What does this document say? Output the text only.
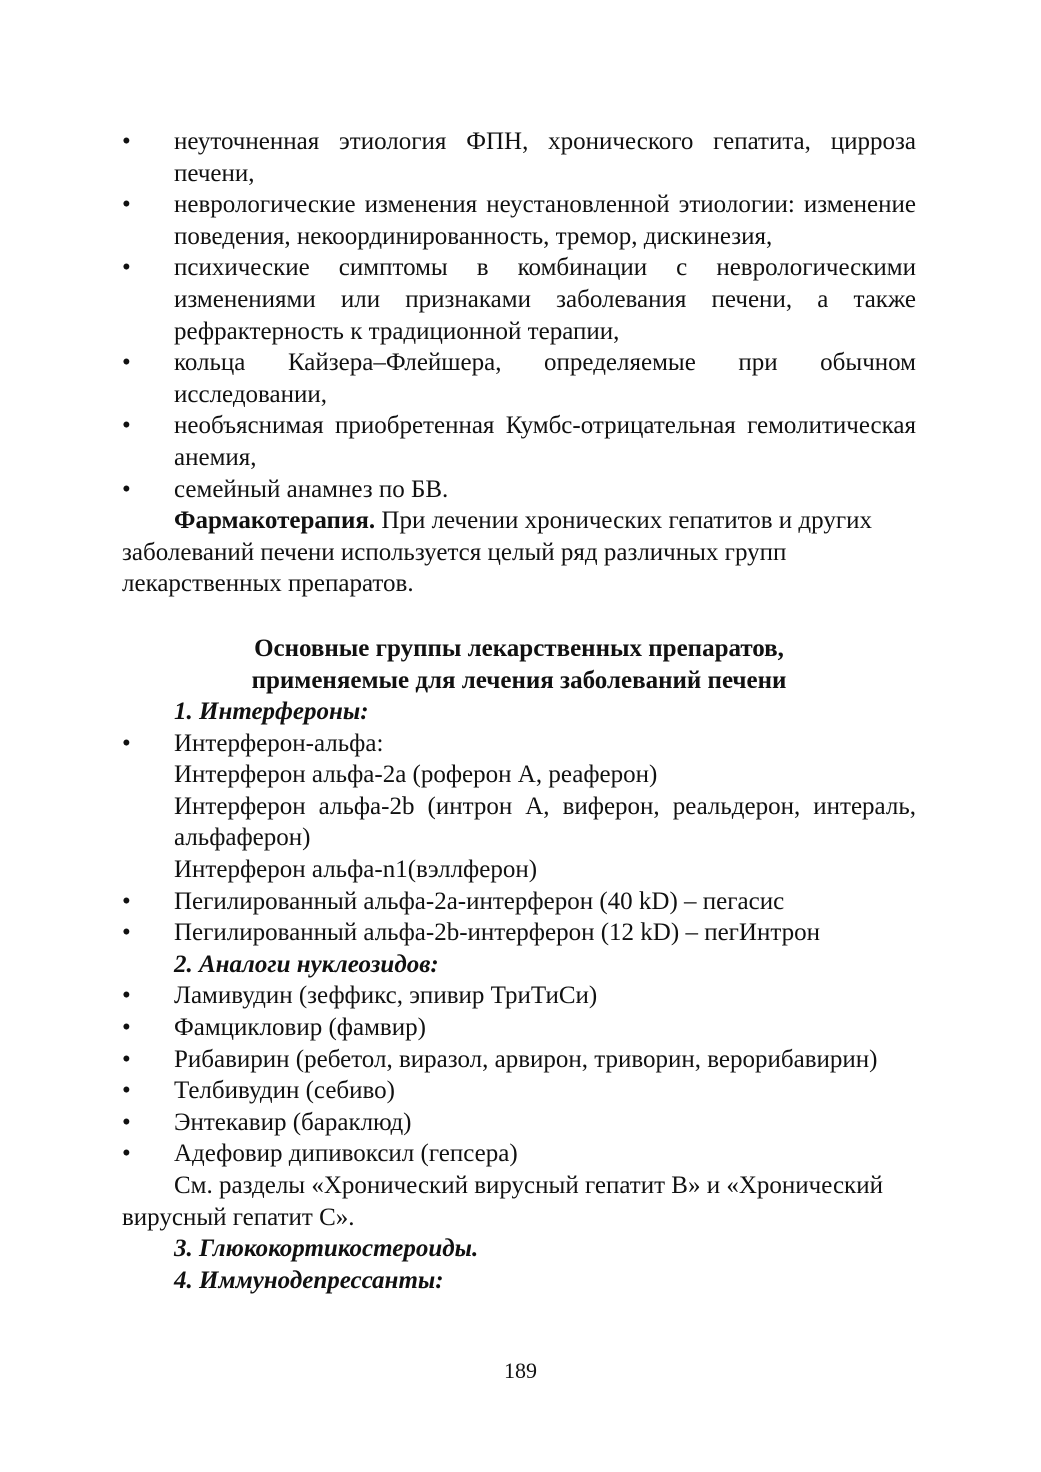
•	неуточненная этиология ФПН, хронического гепатита, цирроза печени,
•	неврологические изменения неустановленной этиологии: изменение поведения, некоординированность, тремор, дискинезия,
•	психические симптомы в комбинации с неврологическими изменениями или признаками заболевания печени, а также рефрактерность к традиционной терапии,
•	кольца Кайзера–Флейшера, определяемые при обычном исследовании,
•	необъяснимая приобретенная Кумбс-отрицательная гемолитическая анемия,
•	семейный анамнез по БВ.
Фармакотерапия. При лечении хронических гепатитов и других заболеваний печени используется целый ряд различных групп лекарственных препаратов.
Основные группы лекарственных препаратов,
применяемые для лечения заболеваний печени
1. Интерфероны:
•	Интерферон-альфа:
Интерферон альфа-2a (роферон А, реаферон)
Интерферон альфа-2b (интрон А, виферон, реальдерон, интераль, альфаферон)
Интерферон альфа-n1(вэллферон)
•	Пегилированный альфа-2а-интерферон (40 kD) – пегасис
•	Пегилированный альфа-2b-интерферон (12 kD) – пегИнтрон
2. Аналоги нуклеозидов:
•	Ламивудин (зеффикс, эпивир ТриТиСи)
•	Фамцикловир (фамвир)
•	Рибавирин (ребетол, виразол, арвирон, триворин, верорибавирин)
•	Телбивудин (себиво)
•	Энтекавир (бараклюд)
•	Адефовир дипивоксил (гепсера)
См. разделы «Хронический вирусный гепатит В» и «Хронический вирусный гепатит С».
3. Глюкокортикостероиды.
4. Иммунодепрессанты:
189
